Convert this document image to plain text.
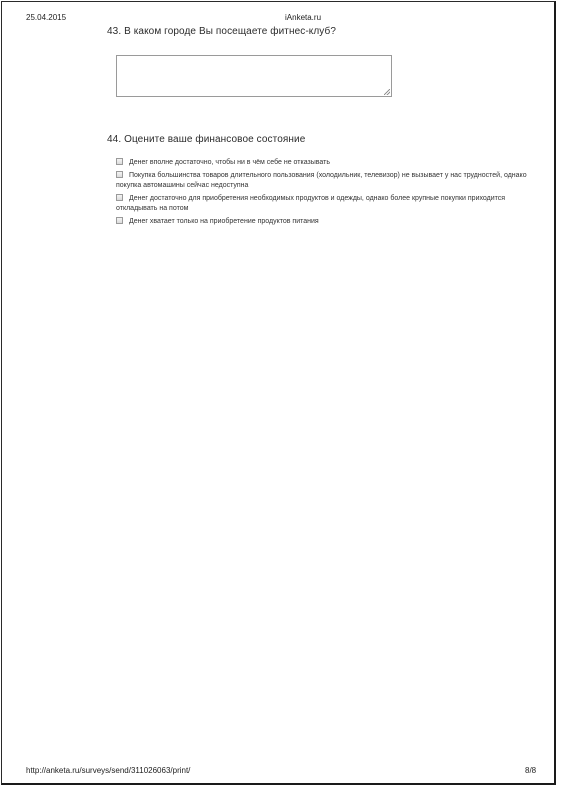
25.04.2015	iAnketa.ru
43. В каком городе Вы посещаете фитнес-клуб?
44. Оцените ваше финансовое состояние
Денег вполне достаточно, чтобы ни в чём себе не отказывать
Покупка большинства товаров длительного пользования (холодильник, телевизор) не вызывает у нас трудностей, однако покупка автомашины сейчас недоступна
Денег достаточно для приобретения необходимых продуктов и одежды, однако более крупные покупки приходится откладывать на потом
Денег хватает только на приобретение продуктов питания
http://anketa.ru/surveys/send/311026063/print/	8/8
